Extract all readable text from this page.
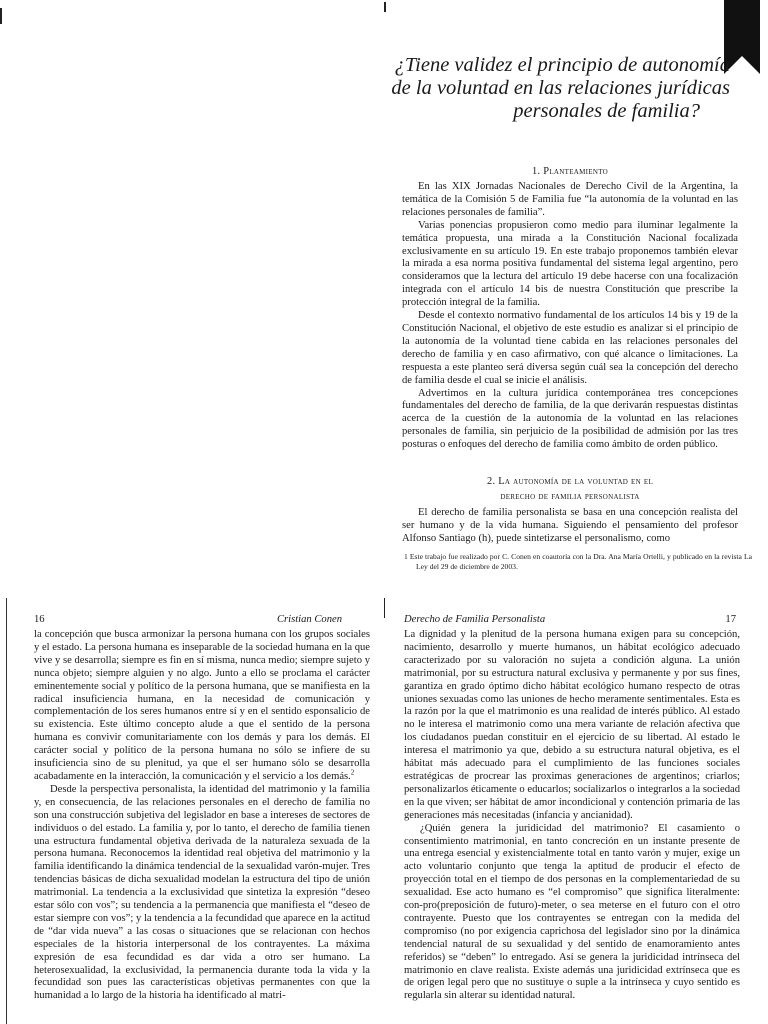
¿Tiene validez el principio de autonomía
de la voluntad en las relaciones jurídicas

personales de familia?
1. Planteamiento

En las XIX Jornadas Nacionales de Derecho Civil de la Argentina, la temática de la Comisión 5 de Familia fue “la autonomía de la voluntad en las relaciones personales de familia”.

Varias ponencias propusieron como medio para iluminar legalmente la temática propuesta, una mirada a la Constitución Nacional focalizada exclusivamente en su artículo 19. En este trabajo proponemos también elevar la mirada a esa norma positiva fundamental del sistema legal argentino, pero consideramos que la lectura del artículo 19 debe hacerse con una focalización integrada con el artículo 14 bis de nuestra Constitución que prescribe la protección integral de la familia.

Desde el contexto normativo fundamental de los artículos 14 bis y 19 de la Constitución Nacional, el objetivo de este estudio es analizar si el principio de la autonomía de la voluntad tiene cabida en las relaciones personales del derecho de familia y en caso afirmativo, con qué alcance o limitaciones. La respuesta a este planteo será diversa según cuál sea la concepción del derecho de familia desde el cual se inicie el análisis.

Advertimos en la cultura jurídica contemporánea tres concepciones fundamentales del derecho de familia, de la que derivarán respuestas distintas acerca de la cuestión de la autonomía de la voluntad en las relaciones personales de familia, sin perjuicio de la posibilidad de admisión por las tres posturas o enfoques del derecho de familia como ámbito de orden público.

2. La autonomía de la voluntad en el
derecho de familia personalista

El derecho de familia personalista se basa en una concepción realista del ser humano y de la vida humana. Siguiendo el pensamiento del profesor Alfonso Santiago (h), puede sintetizarse el personalismo, como

1 Este trabajo fue realizado por C. Conen en coautoría con la Dra. Ana María Ortelli, y publicado en la revista La Ley del 29 de diciembre de 2003.
16	Cristian Conen	Derecho de Familia Personalista	17

la concepción que busca armonizar la persona humana con los grupos sociales y el estado. La persona humana es inseparable de la sociedad humana en la que vive y se desarrolla; siempre es fin en sí misma, nunca medio; siempre sujeto y nunca objeto; siempre alguien y no algo. Junto a ello se proclama el carácter eminentemente social y político de la persona humana, que se manifiesta en la radical insuficiencia humana, en la necesidad de comunicación y complementación de los seres humanos entre sí y en el sentido esponsalicio de su existencia. Este último concepto alude a que el sentido de la persona humana es convivir comunitariamente con los demás y para los demás. El carácter social y político de la persona humana no sólo se infiere de su insuficiencia sino de su plenitud, ya que el ser humano sólo se desarrolla acabadamente en la interacción, la comunicación y el servicio a los demás.$^2$

Desde la perspectiva personalista, la identidad del matrimonio y la familia y, en consecuencia, de las relaciones personales en el derecho de familia no son una construcción subjetiva del legislador en base a intereses de sectores de individuos o del estado. La familia y, por lo tanto, el derecho de familia tienen una estructura fundamental objetiva derivada de la naturaleza sexuada de la persona humana. Reconocemos la identidad real objetiva del matrimonio y la familia identificando la dinámica tendencial de la sexualidad varón-mujer. Tres tendencias básicas de dicha sexualidad modelan la estructura del tipo de unión matrimonial. La tendencia a la exclusividad que sintetiza la expresión “deseo estar sólo con vos”; su tendencia a la permanencia que manifiesta el “deseo de estar siempre con vos”; y la tendencia a la fecundidad que aparece en la actitud de “dar vida nueva” a las cosas o situaciones que se relacionan con hechos especiales de la historia interpersonal de los contrayentes. La máxima expresión de esa fecundidad es dar vida a otro ser humano. La heterosexualidad, la exclusividad, la permanencia durante toda la vida y la fecundidad son pues las características objetivas permanentes con que la humanidad a lo largo de la historia ha identificado al matri-

La dignidad y la plenitud de la persona humana exigen para su concepción, nacimiento, desarrollo y muerte humanos, un hábitat ecológico adecuado caracterizado por su valoración no sujeta a condición alguna. La unión matrimonial, por su estructura natural exclusiva y permanente y por sus fines, garantiza en grado óptimo dicho hábitat ecológico humano respecto de otras uniones sexuadas como las uniones de hecho meramente sentimentales. Esta es la razón por la que el matrimonio es una realidad de interés público. Al estado no le interesa el matrimonio como una mera variante de relación afectiva que los ciudadanos puedan constituir en el ejercicio de su libertad. Al estado le interesa el matrimonio ya que, debido a su estructura natural objetiva, es el hábitat más adecuado para el cumplimiento de las funciones sociales estratégicas de procrear las proximas generaciones de argentinos; criarlos; personalizarlos éticamente o educarlos; socializarlos o integrarlos a la sociedad en la que viven; ser hábitat de amor incondicional y contención primaria de las generaciones más necesitadas (infancia y ancianidad).

¿Quién genera la juridicidad del matrimonio? El casamiento o consentimiento matrimonial, en tanto concreción en un instante presente de una entrega esencial y existencialmente total en tanto varón y mujer, exige un acto voluntario conjunto que tenga la aptitud de producir el efecto de proyección total en el tiempo de dos personas en la complementariedad de su sexualidad. Ese acto humano es “el compromiso” que significa literalmente: con-pro(preposición de futuro)-meter, o sea meterse en el futuro con el otro contrayente. Puesto que los contrayentes se entregan con la medida del compromiso (no por exigencia caprichosa del legislador sino por la dinámica tendencial natural de su sexualidad y del sentido de enamoramiento antes referidos) se “deben” lo entregado. Así se genera la juridicidad intrínseca del matrimonio en clave realista. Existe además una juridicidad extrínseca que es de origen legal pero que no sustituye o suple a la intrínseca y cuyo sentido es regularla sin alterar su identidad natural.
